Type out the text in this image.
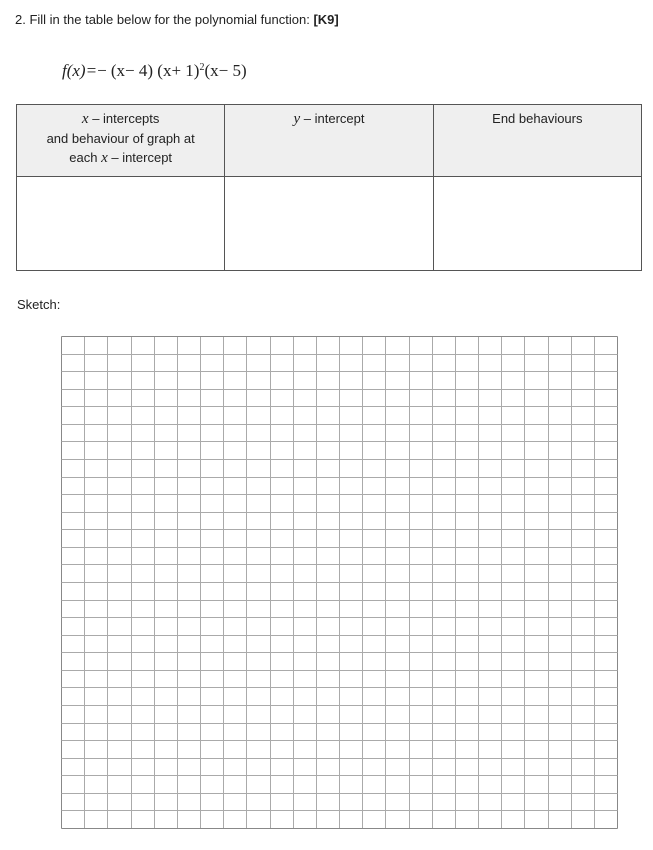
2. Fill in the table below for the polynomial function: [K9]
f(x)=− (x− 4) $(x+ 1)^2(x- 5)$
x – intercepts
and behaviour of graph at
each x – intercept	y – intercept	End behaviours

Sketch:
